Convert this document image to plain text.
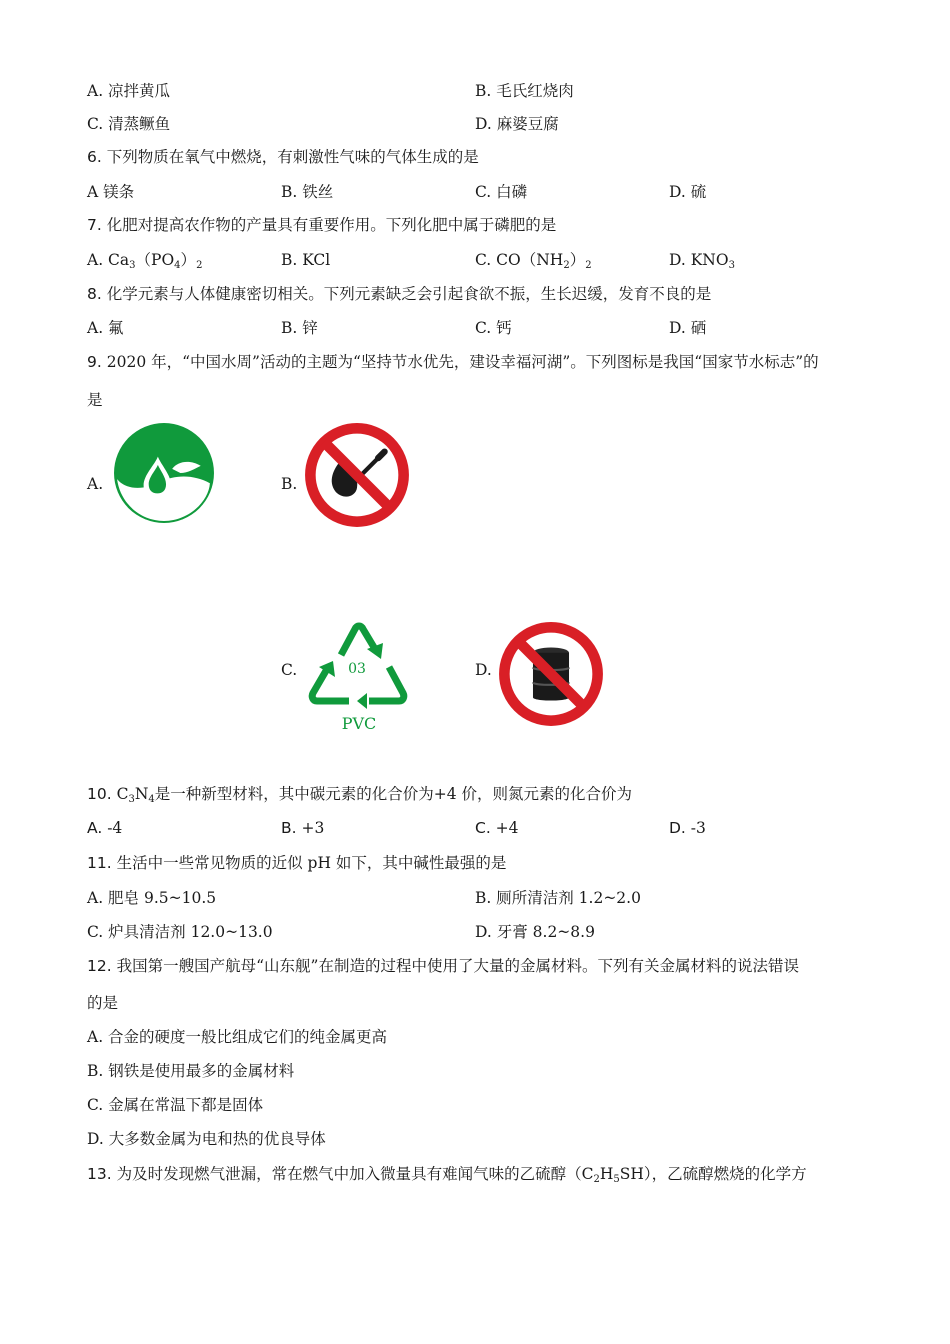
A. 凉拌黄瓜	B. 毛氏红烧肉
C. 清蒸鳜鱼	D. 麻婆豆腐
6. 下列物质在氧气中燃烧，有刺激性气味的气体生成的是
A 镁条	B. 铁丝	C. 白磷	D. 硫
7. 化肥对提高农作物的产量具有重要作用。下列化肥中属于磷肥的是
A. $Ca_3(PO_4)_2$	B. KCl	C. $CO(NH_2)_2$	D. $KNO_3$
8. 化学元素与人体健康密切相关。下列元素缺乏会引起食欲不振，生长迟缓，发育不良的是
A. 氟	B. 锌	C. 钙	D. 硒
9. 2020 年，“中国水周”活动的主题为“坚持节水优先，建设幸福河湖”。下列图标是我国“国家节水标志”的
是
A.	B.
C.	03
PVC
D.
10. $C_3N_4$是一种新型材料，其中碳元素的化合价为+4 价，则氮元素的化合价为
A. -4	B. +3	C. +4	D. -3
11. 生活中一些常见物质的近似 pH 如下，其中碱性最强的是
A. 肥皂 9.5~10.5	B. 厕所清洁剂 1.2~2.0
C. 炉具清洁剂 12.0~13.0	D. 牙膏 8.2~8.9
12. 我国第一艘国产航母“山东舰”在制造的过程中使用了大量的金属材料。下列有关金属材料的说法错误
的是
A. 合金的硬度一般比组成它们的纯金属更高
B. 钢铁是使用最多的金属材料
C. 金属在常温下都是固体
D. 大多数金属为电和热的优良导体
13. 为及时发现燃气泄漏，常在燃气中加入微量具有难闻气味的乙硫醇$(C_2H_5SH)$，乙硫醇燃烧的化学方
